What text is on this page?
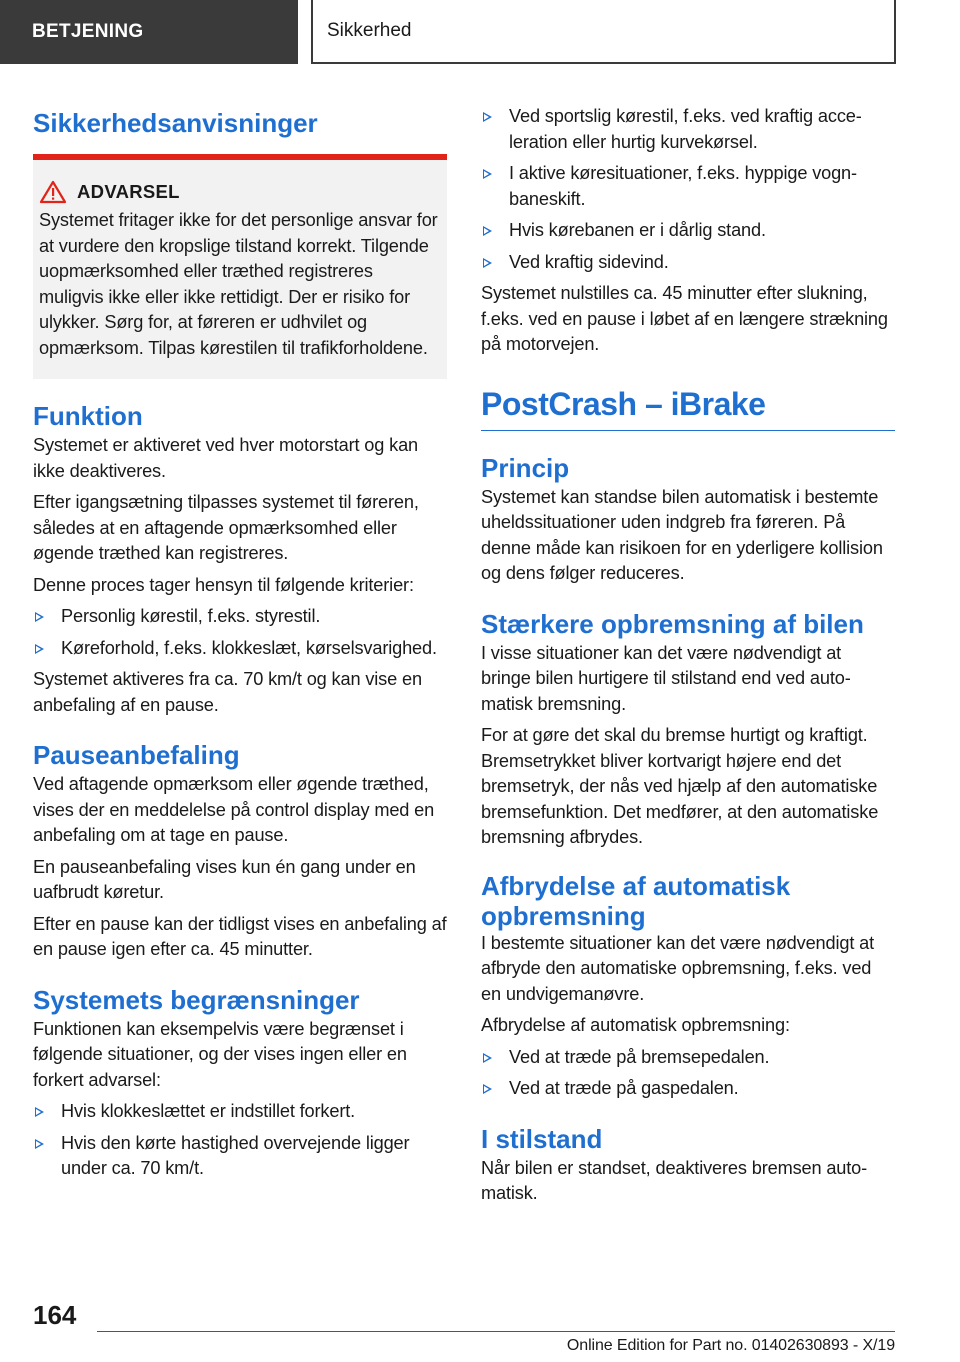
BETJENING	Sikkerhed
Sikkerhedsanvisninger
ADVARSEL

Systemet fritager ikke for det personlige ansvar for at vurdere den kropslige tilstand korrekt. Tilgende uopmærksomhed eller træthed registreres muligvis ikke eller ikke rettidigt. Der er risiko for ulykker. Sørg for, at føreren er udhvilet og opmærksom. Tilpas kørestilen til trafikforholdene.

Funktion

Systemet er aktiveret ved hver motorstart og kan ikke deaktiveres.

Efter igangsætning tilpasses systemet til føreren, således at en aftagende opmærksomhed eller øgende træthed kan registreres.

Denne proces tager hensyn til følgende kriterier:

Personlig kørestil, f.eks. styrestil.
Køreforhold, f.eks. klokkeslæt, kørselsvarighed.

Systemet aktiveres fra ca. 70 km/t og kan vise en anbefaling af en pause.

Pauseanbefaling

Ved aftagende opmærksom eller øgende træthed, vises der en meddelelse på control display med en anbefaling om at tage en pause.

En pauseanbefaling vises kun én gang under en uafbrudt køretur.

Efter en pause kan der tidligst vises en anbefaling af en pause igen efter ca. 45 minutter.

Systemets begrænsninger

Funktionen kan eksempelvis være begrænset i følgende situationer, og der vises ingen eller en forkert advarsel:

Hvis klokkeslættet er indstillet forkert.
Hvis den kørte hastighed overvejende ligger under ca. 70 km/t.
Ved sportslig kørestil, f.eks. ved kraftig acceleration eller hurtig kurvekørsel.
I aktive køresituationer, f.eks. hyppige vognbaneskift.
Hvis kørebanen er i dårlig stand.
Ved kraftig sidevind.

Systemet nulstilles ca. 45 minutter efter slukning, f.eks. ved en pause i løbet af en længere strækning på motorvejen.

PostCrash – iBrake
Princip

Systemet kan standse bilen automatisk i bestemte uheldssituationer uden indgreb fra føreren. På denne måde kan risikoen for en yderligere kollision og dens følger reduceres.

Stærkere opbremsning af bilen

I visse situationer kan det være nødvendigt at bringe bilen hurtigere til stilstand end ved automatisk bremsning.

For at gøre det skal du bremse hurtigt og kraftigt. Bremsetrykket bliver kortvarigt højere end det bremsetryk, der nås ved hjælp af den automatiske bremsefunktion. Det medfører, at den automatiske bremsning afbrydes.

Afbrydelse af automatisk opbremsning

I bestemte situationer kan det være nødvendigt at afbryde den automatiske opbremsning, f.eks. ved en undvigemanøvre.

Afbrydelse af automatisk opbremsning:

Ved at træde på bremsepedalen.
Ved at træde på gaspedalen.
I stilstand

Når bilen er standset, deaktiveres bremsen automatisk.

164
Online Edition for Part no. 01402630893 - X/19
